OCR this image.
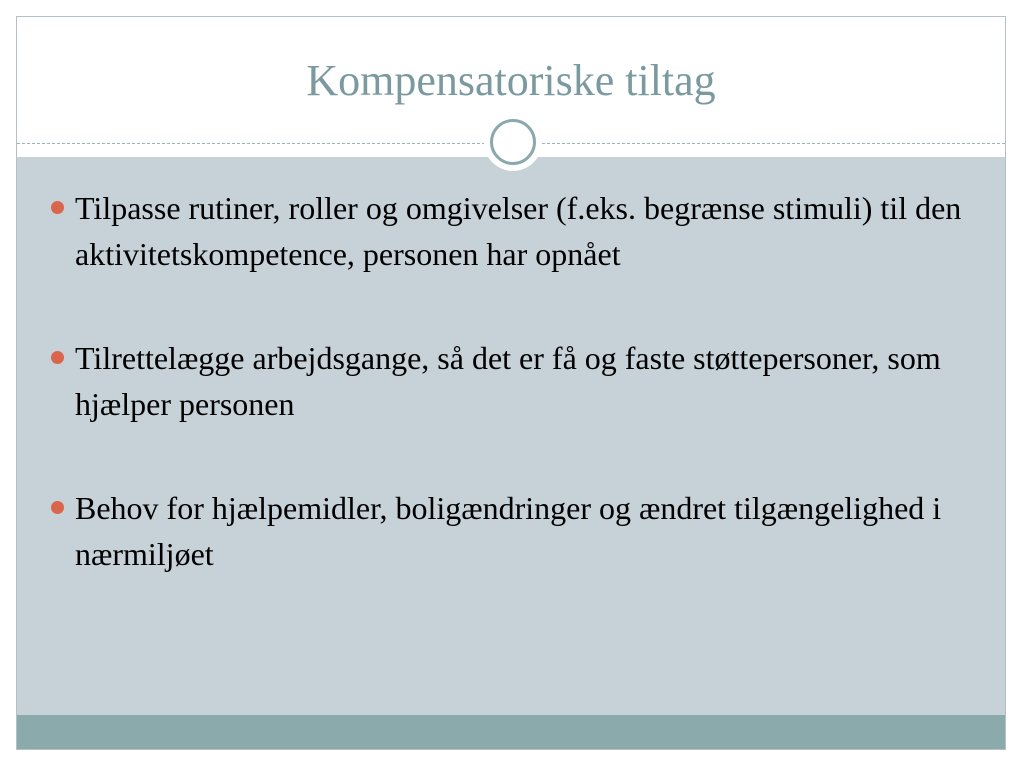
Kompensatoriske tiltag
Tilpasse rutiner, roller og omgivelser (f.eks. begrænse stimuli) til den aktivitetskompetence, personen har opnået
Tilrettelægge arbejdsgange, så det er få og faste støttepersoner, som hjælper personen
Behov for hjælpemidler, boligændringer og ændret tilgængelighed i nærmiljøet
